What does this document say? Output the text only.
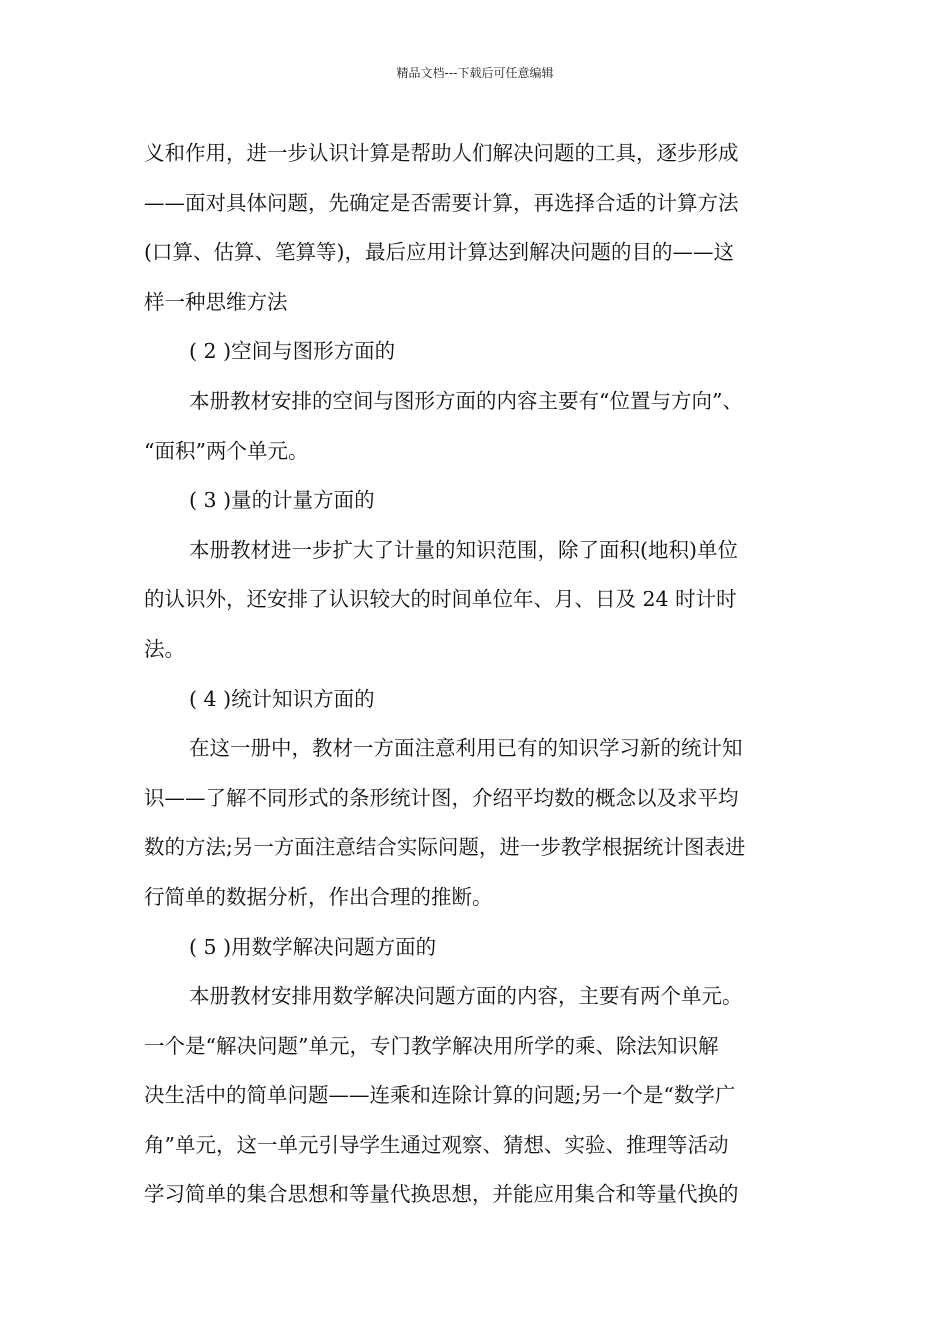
精品文档---下载后可任意编辑
义和作用，进一步认识计算是帮助人们解决问题的工具，逐步形成
——面对具体问题，先确定是否需要计算，再选择合适的计算方法
(口算、估算、笔算等)，最后应用计算达到解决问题的目的——这
样一种思维方法
( 2 )空间与图形方面的
本册教材安排的空间与图形方面的内容主要有“位置与方向”、
“面积”两个单元。
( 3 )量的计量方面的
本册教材进一步扩大了计量的知识范围，除了面积(地积)单位
的认识外，还安排了认识较大的时间单位年、月、日及 24 时计时
法。
( 4 )统计知识方面的
在这一册中，教材一方面注意利用已有的知识学习新的统计知
识——了解不同形式的条形统计图，介绍平均数的概念以及求平均
数的方法;另一方面注意结合实际问题，进一步教学根据统计图表进
行简单的数据分析，作出合理的推断。
( 5 )用数学解决问题方面的
本册教材安排用数学解决问题方面的内容，主要有两个单元。
一个是“解决问题”单元，专门教学解决用所学的乘、除法知识解
决生活中的简单问题——连乘和连除计算的问题;另一个是“数学广
角”单元，这一单元引导学生通过观察、猜想、实验、推理等活动
学习简单的集合思想和等量代换思想，并能应用集合和等量代换的
